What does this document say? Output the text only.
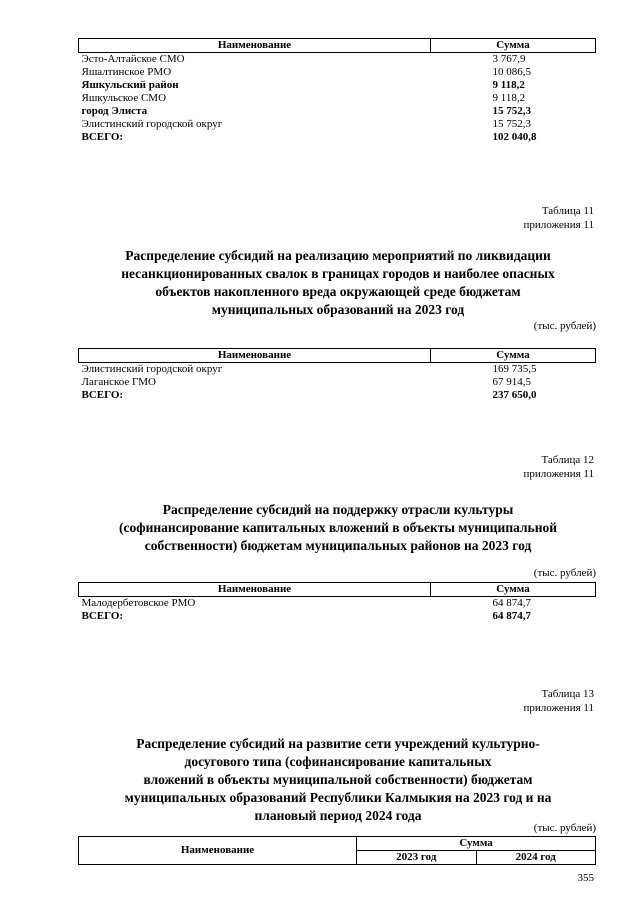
Наименование	Сумма
Эсто-Алтайское СМО	3 767,9
Яшалтинское РМО	10 086,5
Яшкульский район	9 118,2
Яшкульское СМО	9 118,2
город Элиста	15 752,3
Элистинский городской округ	15 752,3
ВСЕГО:	102 040,8
Таблица 11
приложения 11
Распределение субсидий на реализацию мероприятий по ликвидации
несанкционированных свалок в границах городов и наиболее опасных
объектов накопленного вреда окружающей среде бюджетам
муниципальных образований на 2023 год
(тыс. рублей)
Наименование	Сумма
Элистинский городской округ	169 735,5
Лаганское ГМО	67 914,5
ВСЕГО:	237 650,0
Таблица 12
приложения 11
Распределение субсидий на поддержку отрасли культуры
(софинансирование капитальных вложений в объекты муниципальной
собственности) бюджетам муниципальных районов на 2023 год
(тыс. рублей)
Наименование	Сумма
Малодербетовское РМО	64 874,7
ВСЕГО:	64 874,7
Таблица 13
приложения 11
Распределение субсидий на развитие сети учреждений культурно-
досугового типа (софинансирование капитальных
вложений в объекты муниципальной собственности) бюджетам
муниципальных образований Республики Калмыкия на 2023 год и на
плановый период 2024 года
(тыс. рублей)
Наименование	Сумма	
	2023 год	2024 год
355
